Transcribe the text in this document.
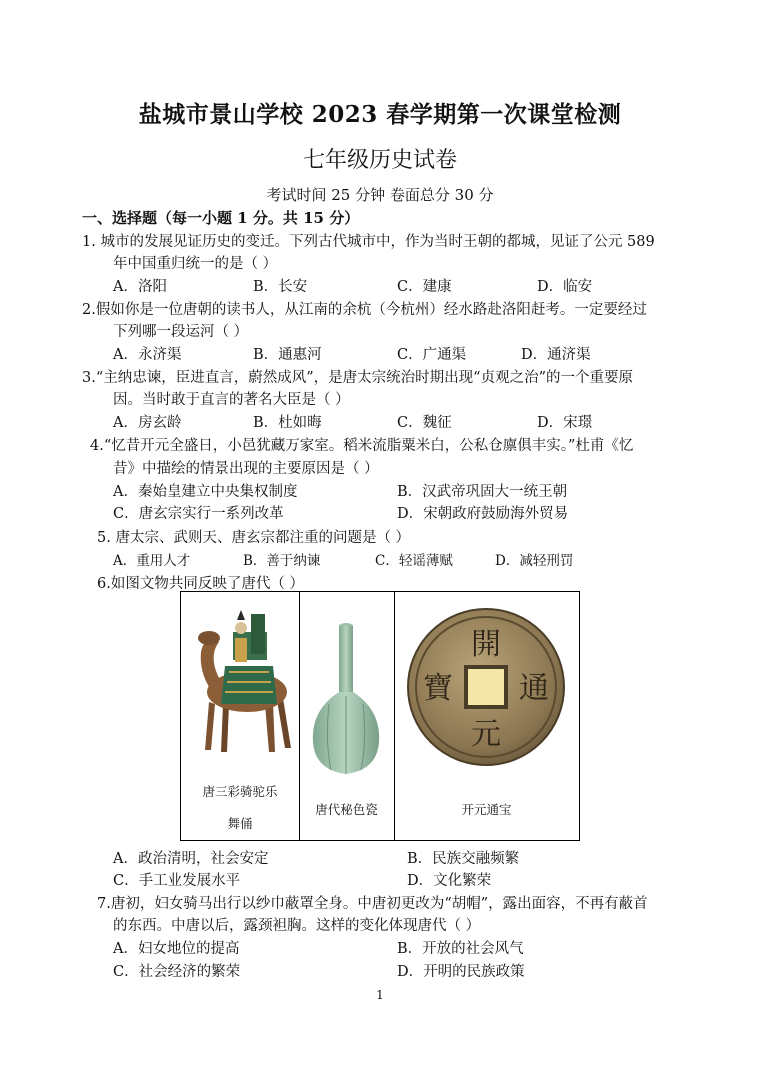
盐城市景山学校 2023 春学期第一次课堂检测
七年级历史试卷
考试时间 25 分钟 卷面总分 30 分
一、选择题（每一小题 1 分。共 15 分）
1. 城市的发展见证历史的变迁。下列古代城市中，作为当时王朝的都城，见证了公元 589
年中国重归统一的是（ ）
A．洛阳	B．长安	C．建康	D．临安
2.假如你是一位唐朝的读书人，从江南的余杭（今杭州）经水路赴洛阳赶考。一定要经过
下列哪一段运河（ ）
A．永济渠	B．通惠河	C．广通渠	D．通济渠
3.“主纳忠谏，臣进直言，蔚然成风”，是唐太宗统治时期出现“贞观之治”的一个重要原
因。当时敢于直言的著名大臣是（ ）
A．房玄龄	B．杜如晦	C．魏征	D．宋璟
4.“忆昔开元全盛日，小邑犹藏万家室。稻米流脂粟米白，公私仓廪俱丰实。”杜甫《忆
昔》中描绘的情景出现的主要原因是（ ）
A．秦始皇建立中央集权制度	B．汉武帝巩固大一统王朝
C．唐玄宗实行一系列改革	D．宋朝政府鼓励海外贸易
5. 唐太宗、武则天、唐玄宗都注重的问题是（ ）
A．重用人才	B．善于纳谏	C．轻谣薄赋	D．减轻刑罚
6.如图文物共同反映了唐代（ ）
唐三彩骑驼乐
舞俑
唐代秘色瓷
開
元
通
寶
开元通宝
A．政治清明，社会安定	B．民族交融频繁
C．手工业发展水平	D．文化繁荣
7.唐初，妇女骑马出行以纱巾蔽罩全身。中唐初更改为“胡帽”，露出面容，不再有蔽首
的东西。中唐以后，露颈袒胸。这样的变化体现唐代（ ）
A．妇女地位的提高	B．开放的社会风气
C．社会经济的繁荣	D．开明的民族政策
1
